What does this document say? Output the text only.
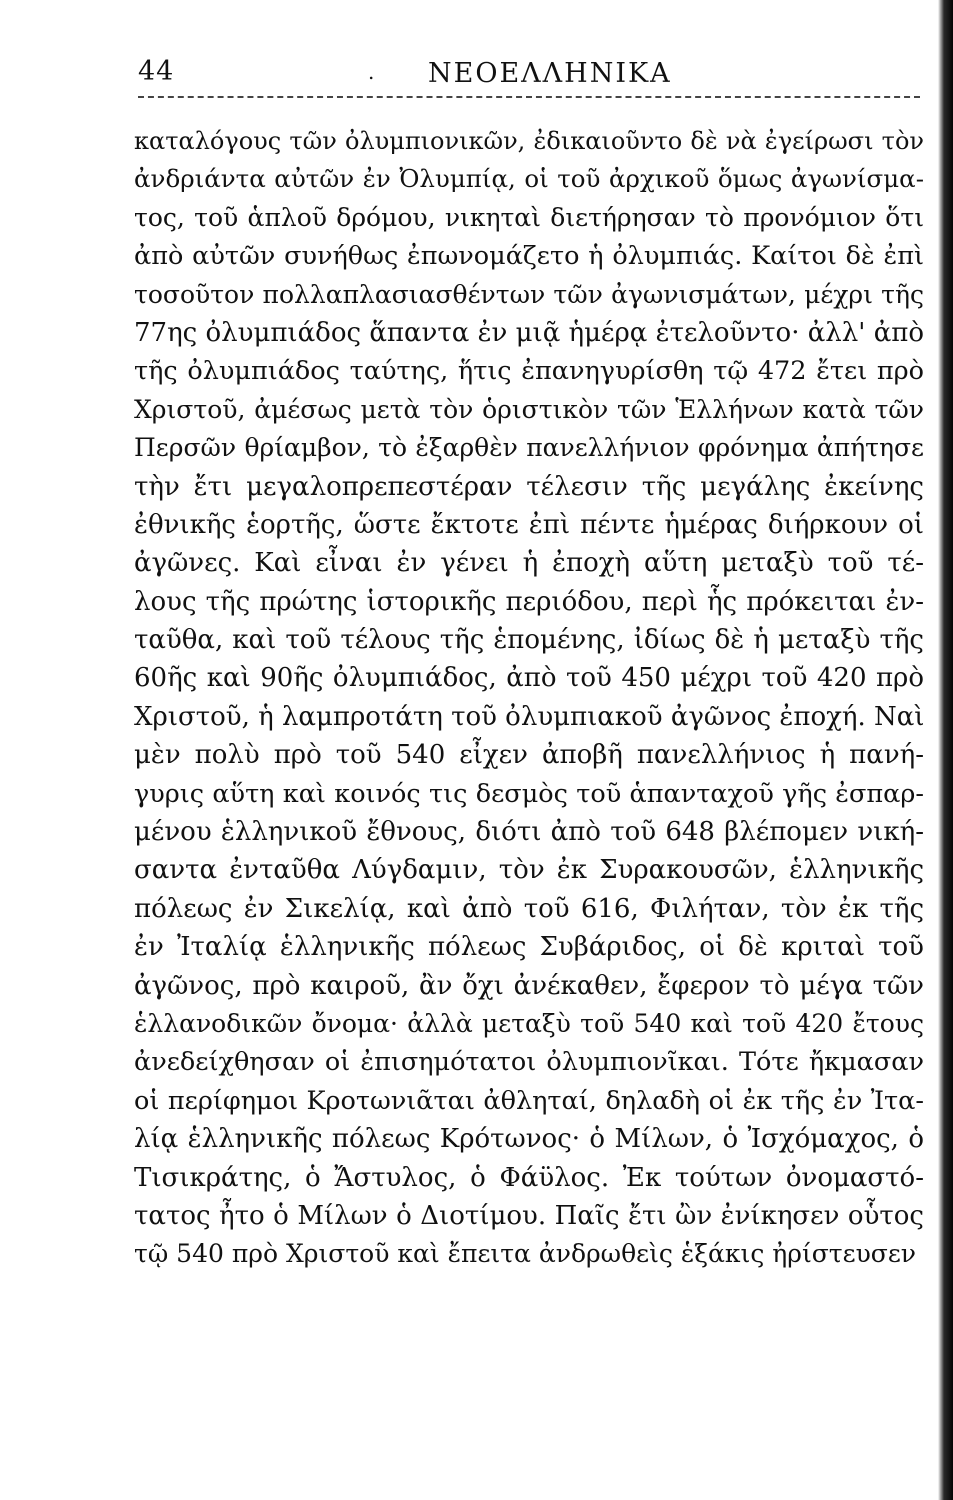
44	. ΝΕΟΕΛΛΗΝΙΚΑ
καταλόγους τῶν ὀλυμπιονικῶν, ἐδικαιοῦντο δὲ νὰ ἐγείρωσι τὸν
ἀνδριάντα αὐτῶν ἐν Ὀλυμπίᾳ, οἱ τοῦ ἀρχικοῦ ὅμως ἀγωνίσμα-
τος, τοῦ ἁπλοῦ δρόμου, νικηταὶ διετήρησαν τὸ προνόμιον ὅτι
ἀπὸ αὐτῶν συνήθως ἐπωνομάζετο ἡ ὀλυμπιάς. Καίτοι δὲ ἐπὶ
τοσοῦτον πολλαπλασιασθέντων τῶν ἀγωνισμάτων, μέχρι τῆς
77ης ὀλυμπιάδος ἅπαντα ἐν μιᾷ ἡμέρᾳ ἐτελοῦντο· ἀλλ' ἀπὸ
τῆς ὀλυμπιάδος ταύτης, ἥτις ἐπανηγυρίσθη τῷ 472 ἔτει πρὸ
Χριστοῦ, ἀμέσως μετὰ τὸν ὁριστικὸν τῶν Ἑλλήνων κατὰ τῶν
Περσῶν θρίαμβον, τὸ ἐξαρθὲν πανελλήνιον φρόνημα ἀπήτησε
τὴν ἔτι μεγαλοπρεπεστέραν τέλεσιν τῆς μεγάλης ἐκείνης
ἐθνικῆς ἑορτῆς, ὥστε ἔκτοτε ἐπὶ πέντε ἡμέρας διήρκουν οἱ
ἀγῶνες. Καὶ εἶναι ἐν γένει ἡ ἐποχὴ αὕτη μεταξὺ τοῦ τέ-
λους τῆς πρώτης ἱστορικῆς περιόδου, περὶ ἧς πρόκειται ἐν-
ταῦθα, καὶ τοῦ τέλους τῆς ἑπομένης, ἰδίως δὲ ἡ μεταξὺ τῆς
60ῆς καὶ 90ῆς ὀλυμπιάδος, ἀπὸ τοῦ 450 μέχρι τοῦ 420 πρὸ
Χριστοῦ, ἡ λαμπροτάτη τοῦ ὀλυμπιακοῦ ἀγῶνος ἐποχή. Ναὶ
μὲν πολὺ πρὸ τοῦ 540 εἶχεν ἀποβῆ πανελλήνιος ἡ πανή-
γυρις αὕτη καὶ κοινός τις δεσμὸς τοῦ ἁπανταχοῦ γῆς ἐσπαρ-
μένου ἑλληνικοῦ ἔθνους, διότι ἀπὸ τοῦ 648 βλέπομεν νική-
σαντα ἐνταῦθα Λύγδαμιν, τὸν ἐκ Συρακουσῶν, ἑλληνικῆς
πόλεως ἐν Σικελίᾳ, καὶ ἀπὸ τοῦ 616, Φιλήταν, τὸν ἐκ τῆς
ἐν Ἰταλίᾳ ἑλληνικῆς πόλεως Συβάριδος, οἱ δὲ κριταὶ τοῦ
ἀγῶνος, πρὸ καιροῦ, ἂν ὄχι ἀνέκαθεν, ἔφερον τὸ μέγα τῶν
ἑλλανοδικῶν ὄνομα· ἀλλὰ μεταξὺ τοῦ 540 καὶ τοῦ 420 ἔτους
ἀνεδείχθησαν οἱ ἐπισημότατοι ὀλυμπιονῖκαι. Τότε ἤκμασαν
οἱ περίφημοι Κροτωνιᾶται ἀθληταί, δηλαδὴ οἱ ἐκ τῆς ἐν Ἰτα-
λίᾳ ἑλληνικῆς πόλεως Κρότωνος· ὁ Μίλων, ὁ Ἰσχόμαχος, ὁ
Τισικράτης, ὁ Ἄστυλος, ὁ Φάϋλος. Ἐκ τούτων ὀνομαστό-
τατος ἦτο ὁ Μίλων ὁ Διοτίμου. Παῖς ἔτι ὢν ἐνίκησεν οὗτος
τῷ 540 πρὸ Χριστοῦ καὶ ἔπειτα ἀνδρωθεὶς ἑξάκις ἠρίστευσεν
